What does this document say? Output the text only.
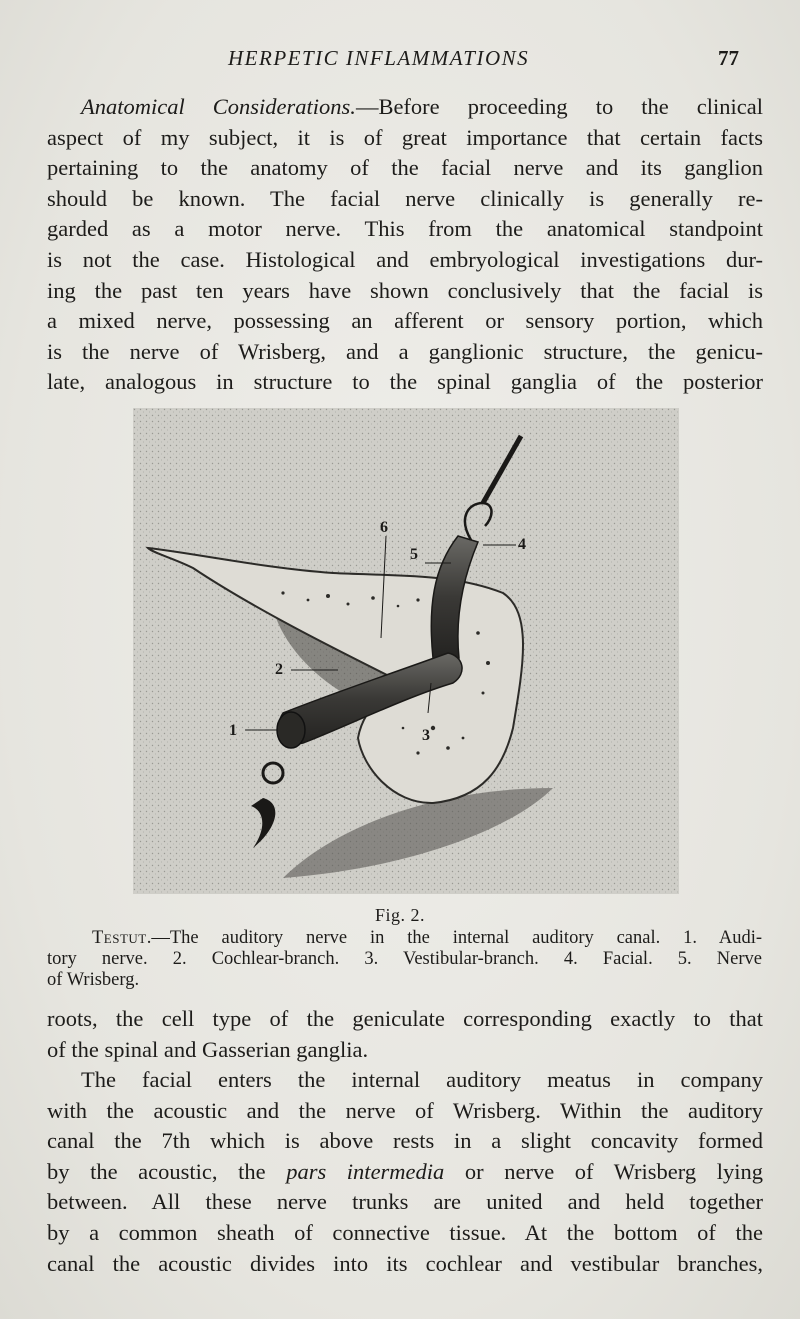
HERPETIC INFLAMMATIONS	77
Anatomical Considerations.—Before proceeding to the clinical
aspect of my subject, it is of great importance that certain facts
pertaining to the anatomy of the facial nerve and its ganglion
should be known. The facial nerve clinically is generally re-
garded as a motor nerve. This from the anatomical standpoint
is not the case. Histological and embryological investigations dur-
ing the past ten years have shown conclusively that the facial is
a mixed nerve, possessing an afferent or sensory portion, which
is the nerve of Wrisberg, and a ganglionic structure, the genicu-
late, analogous in structure to the spinal ganglia of the posterior
1
2
3
4
5
6
Fig. 2.
Testut.—The auditory nerve in the internal auditory canal. 1. Audi-
tory nerve. 2. Cochlear-branch. 3. Vestibular-branch. 4. Facial. 5. Nerve
of Wrisberg.
roots, the cell type of the geniculate corresponding exactly to that
of the spinal and Gasserian ganglia.
The facial enters the internal auditory meatus in company
with the acoustic and the nerve of Wrisberg. Within the auditory
canal the 7th which is above rests in a slight concavity formed
by the acoustic, the pars intermedia or nerve of Wrisberg lying
between. All these nerve trunks are united and held together
by a common sheath of connective tissue. At the bottom of the
canal the acoustic divides into its cochlear and vestibular branches,
